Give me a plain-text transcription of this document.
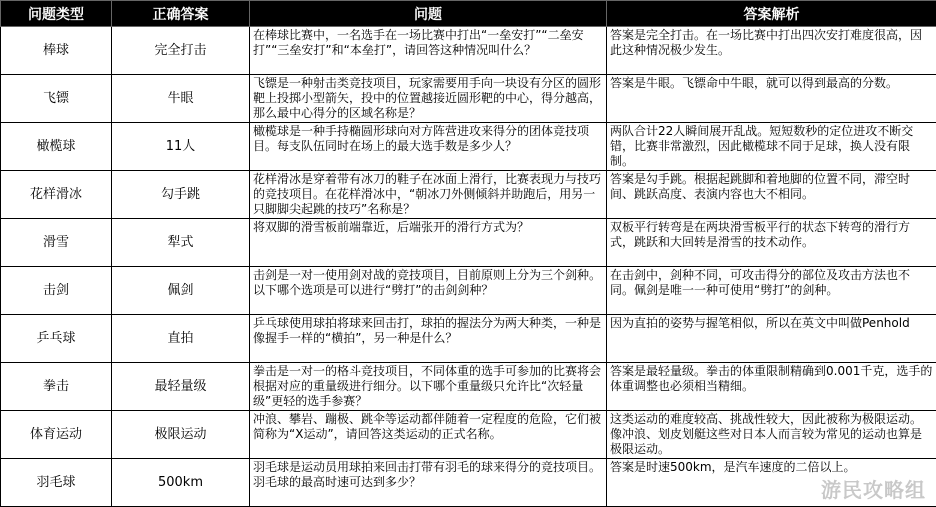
问题类型	正确答案	问题	答案解析
棒球	完全打击	在棒球比赛中，一名选手在一场比赛中打出“一垒安打”“二垒安打”“三垒安打”和“本垒打”，请回答这种情况叫什么？	答案是完全打击。在一场比赛中打出四次安打难度很高，因此这种情况极少发生。
飞镖	牛眼	飞镖是一种射击类竞技项目，玩家需要用手向一块设有分区的圆形靶上投掷小型箭矢，投中的位置越接近圆形靶的中心，得分越高，那么最中心得分的区域名称是？	答案是牛眼。飞镖命中牛眼，就可以得到最高的分数。
橄榄球	11人	橄榄球是一种手持椭圆形球向对方阵营进攻来得分的团体竞技项目。每支队伍同时在场上的最大选手数是多少人？	两队合计22人瞬间展开乱战。短短数秒的定位进攻不断交错，比赛非常激烈，因此橄榄球不同于足球，换人没有限制。
花样滑冰	勾手跳	花样滑冰是穿着带有冰刀的鞋子在冰面上滑行，比赛表现力与技巧的竞技项目。在花样滑冰中，“朝冰刀外侧倾斜并助跑后，用另一只脚脚尖起跳的技巧”名称是？	答案是勾手跳。根据起跳脚和着地脚的位置不同，滞空时间、跳跃高度、表演内容也大不相同。
滑雪	犁式	将双脚的滑雪板前端靠近，后端张开的滑行方式为？	双板平行转弯是在两块滑雪板平行的状态下转弯的滑行方式，跳跃和大回转是滑雪的技术动作。
击剑	佩剑	击剑是一对一使用剑对战的竞技项目，目前原则上分为三个剑种。以下哪个选项是可以进行“劈打”的击剑剑种？	在击剑中，剑种不同，可攻击得分的部位及攻击方法也不同。佩剑是唯一一种可使用“劈打”的剑种。
乒乓球	直拍	乒乓球使用球拍将球来回击打，球拍的握法分为两大种类，一种是像握手一样的“横拍”，另一种是什么？	因为直拍的姿势与握笔相似，所以在英文中叫做Penhold
拳击	最轻量级	拳击是一对一的格斗竞技项目，不同体重的选手可参加的比赛将会根据对应的重量级进行细分。以下哪个重量级只允许比“次轻量级”更轻的选手参赛？	答案是最轻量级。拳击的体重限制精确到0.001千克，选手的体重调整也必须相当精细。
体育运动	极限运动	冲浪、攀岩、蹦极、跳伞等运动都伴随着一定程度的危险，它们被简称为“X运动”，请回答这类运动的正式名称。	这类运动的难度较高、挑战性较大，因此被称为极限运动。像冲浪、划皮划艇这些对日本人而言较为常见的运动也算是极限运动。
羽毛球	500km	羽毛球是运动员用球拍来回击打带有羽毛的球来得分的竞技项目。羽毛球的最高时速可达到多少？	答案是时速500km，是汽车速度的二倍以上。
游民攻略组
